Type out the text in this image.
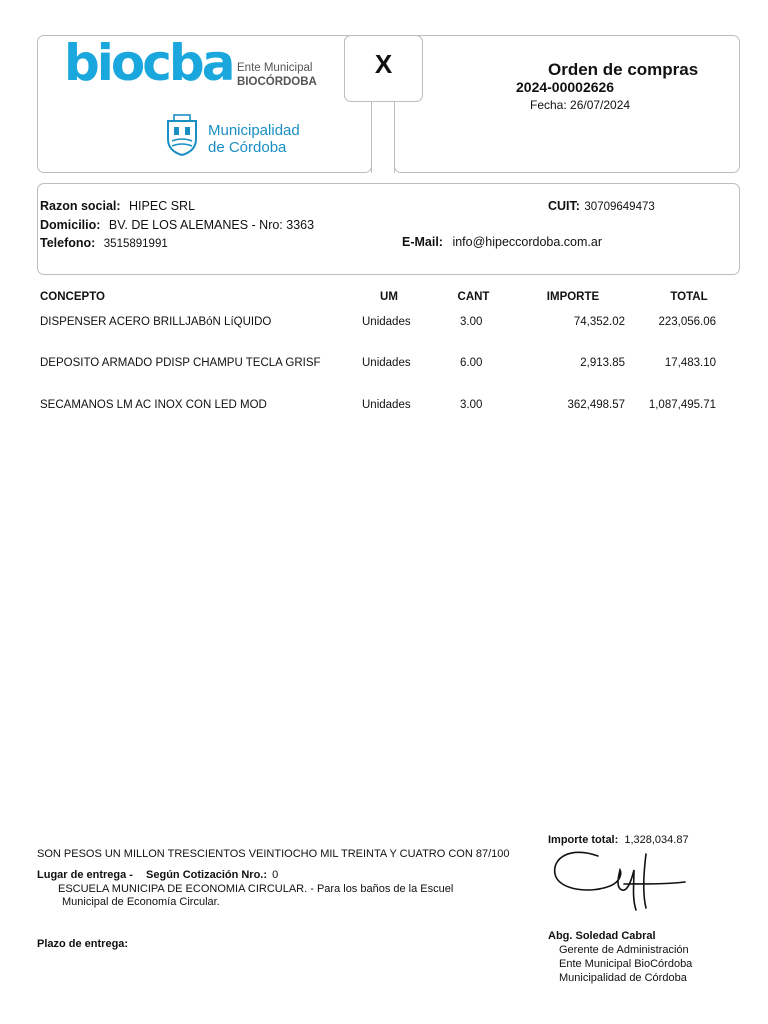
biocba Ente Municipal
BIOCÓRDOBA
Municipalidad
de Córdoba
X	Orden de compras
2024-00002626
Fecha: 26/07/2024
Razon social: HIPEC SRL	CUIT: 30709649473
Domicilio: BV. DE LOS ALEMANES - Nro: 3363
Telefono: 3515891991	E-Mail: info@hipeccordoba.com.ar
CONCEPTO	UM	CANT	IMPORTE	TOTAL
DISPENSER ACERO BRILLJABóN LíQUIDO	Unidades	3.00	74,352.02	223,056.06
DEPOSITO ARMADO PDISP CHAMPU TECLA GRISF	Unidades	6.00	2,913.85	17,483.10
SECAMANOS LM AC INOX CON LED MOD	Unidades	3.00	362,498.57	1,087,495.71
SON PESOS UN MILLON TRESCIENTOS VEINTIOCHO MIL TREINTA Y CUATRO CON 87/100
Importe total: 1,328,034.87
Lugar de entrega - Según Cotización Nro.: 0
ESCUELA MUNICIPA DE ECONOMIA CIRCULAR. - Para los baños de la Escuel
Municipal de Economía Circular.
Plazo de entrega:
Abg. Soledad Cabral
Gerente de Administración
Ente Municipal BioCórdoba
Municipalidad de Córdoba
